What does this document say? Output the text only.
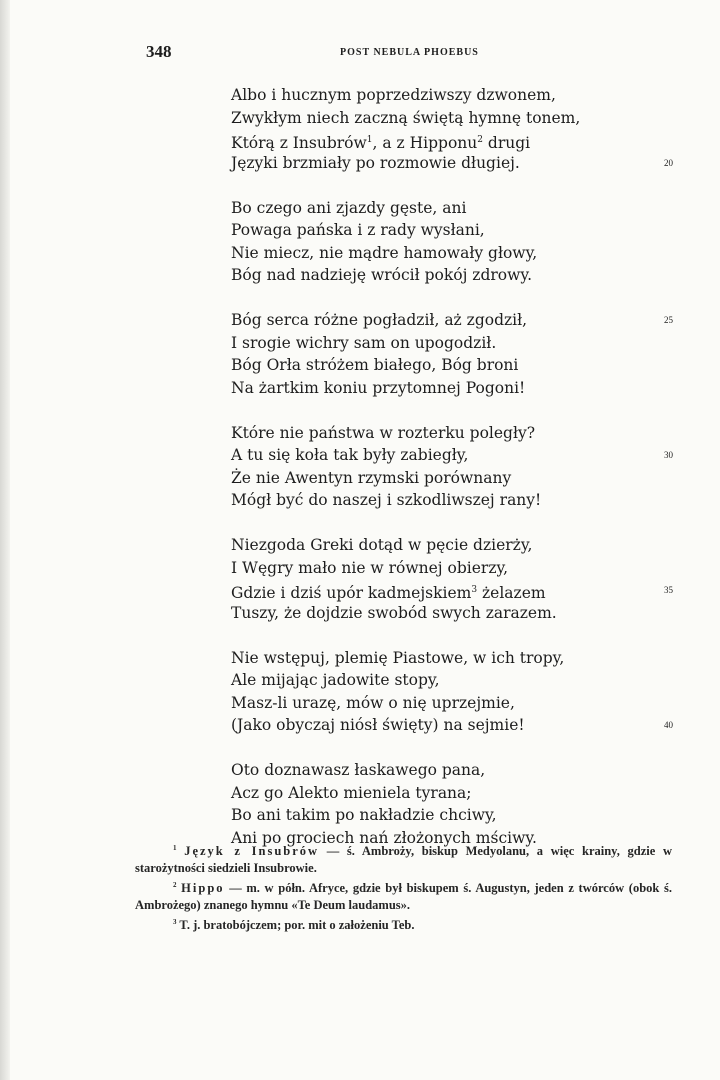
348	POST NEBULA PHOEBUS
Albo i hucznym poprzedziwszy dzwonem,
Zwykłym niech zaczną świętą hymnę tonem,
Którą z Insubrów$^1$, a z Hipponu$^2$ drugi
Języki brzmiały po rozmowie długiej.	20
Bo czego ani zjazdy gęste, ani
Powaga pańska i z rady wysłani,
Nie miecz, nie mądre hamowały głowy,
Bóg nad nadzieję wrócił pokój zdrowy.
Bóg serca różne pogładził, aż zgodził,	25
I srogie wichry sam on upogodził.
Bóg Orła stróżem białego, Bóg broni
Na żartkim koniu przytomnej Pogoni!
Które nie państwa w rozterku poległy?
A tu się koła tak były zabiegły,	30
Że nie Awentyn rzymski porównany
Mógł być do naszej i szkodliwszej rany!
Niezgoda Greki dotąd w pęcie dzierży,
I Węgry mało nie w równej obierzy,
Gdzie i dziś upór kadmejskiem$^3$ żelazem	35
Tuszy, że dojdzie swobód swych zarazem.
Nie wstępuj, plemię Piastowe, w ich tropy,
Ale mijając jadowite stopy,
Masz-li urazę, mów o nię uprzejmie,
(Jako obyczaj niósł święty) na sejmie!	40
Oto doznawasz łaskawego pana,
Acz go Alekto mieniela tyrana;
Bo ani takim po nakładzie chciwy,
Ani po grociech nań złożonych mściwy.
$^1$ Język z Insubrów — ś. Ambroży, biskup Medyolanu, a więc krainy, gdzie w starożytności siedzieli Insubrowie.
$^2$ Hippo — m. w półn. Afryce, gdzie był biskupem ś. Augustyn, jeden z twórców (obok ś. Ambrożego) znanego hymnu «Te Deum laudamus».
$^3$ T. j. bratobójczem; por. mit o założeniu Teb.
